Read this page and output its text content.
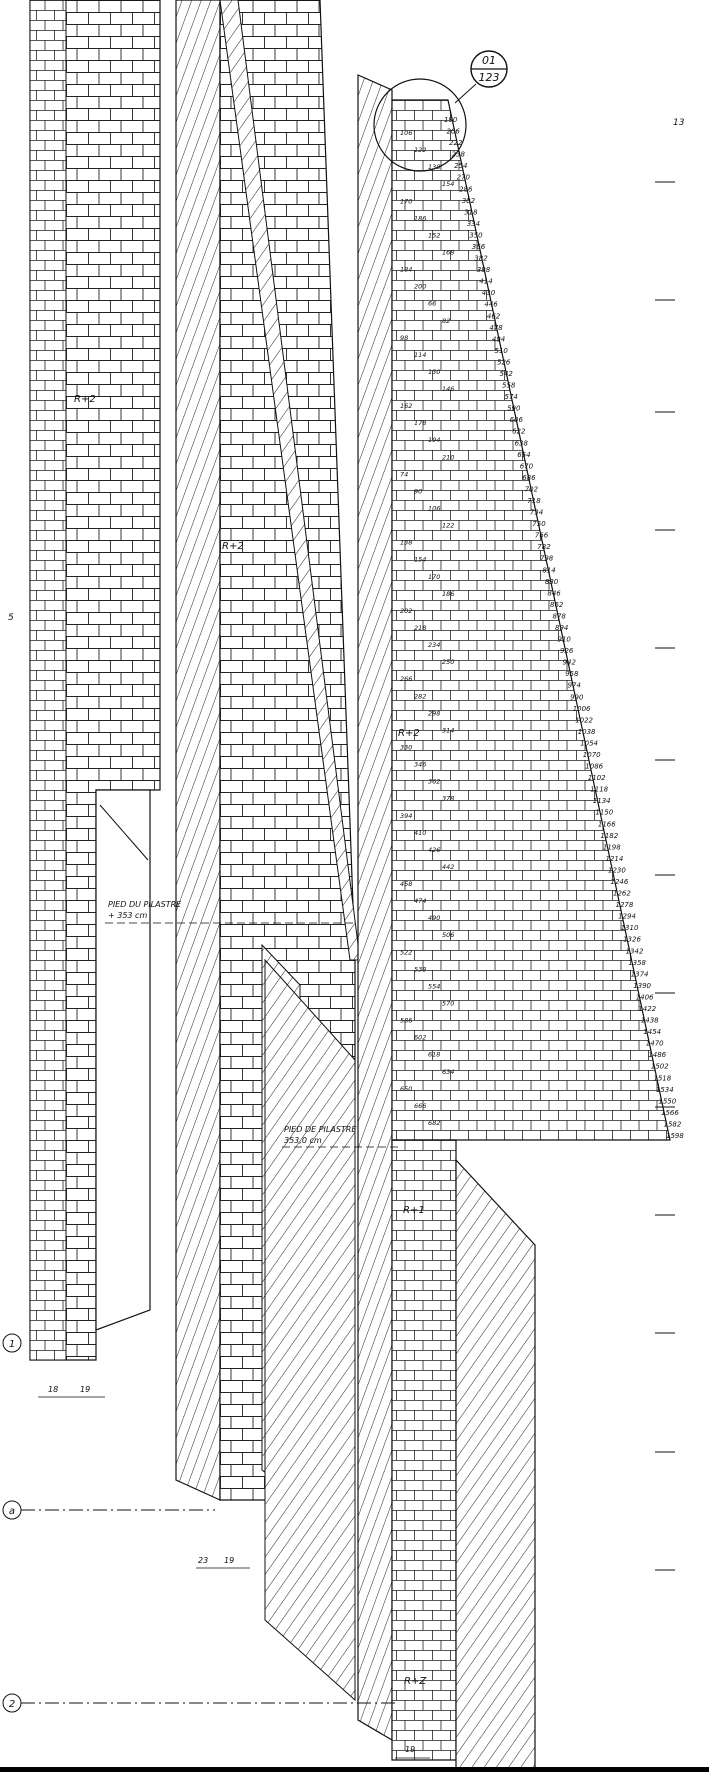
01
123
13
5
R+2
R+2
R+2
R+1
R+Z
PIED DU PILASTRE
+ 353 cm
PIED DE PILASTRE
353,0 cm
1
a
2
18	19
23 19
19
190
206
222
238
254
270
286
302
318
334
350
366
382
398
414
430
446
462
478
494
510
526
542
558
574
590
606
622
638
654
670
686
702
718
734
750
766
782
798
814
830
846
862
878
894
910
926
942
958
974
990
1006
1022
1038
1054
1070
1086
1102
1118
1134
1150
1166
1182
1198
1214
1230
1246
1262
1278
1294
1310
1326
1342
1358
1374
1390
1406
1422
1438
1454
1470
1486
1502
1518
1534
1550
1566
1582
1598
106
122
138
154
170
186
152
168
184
200
66
82
98
114
130
146
162
178
194
210
74
90
106
122
138
154
170
186
202
218
234
250
266
282
298
314
330
346
362
378
394
410
426
442
458
474
490
506
522
538
554
570
586
602
618
634
650
666
682
